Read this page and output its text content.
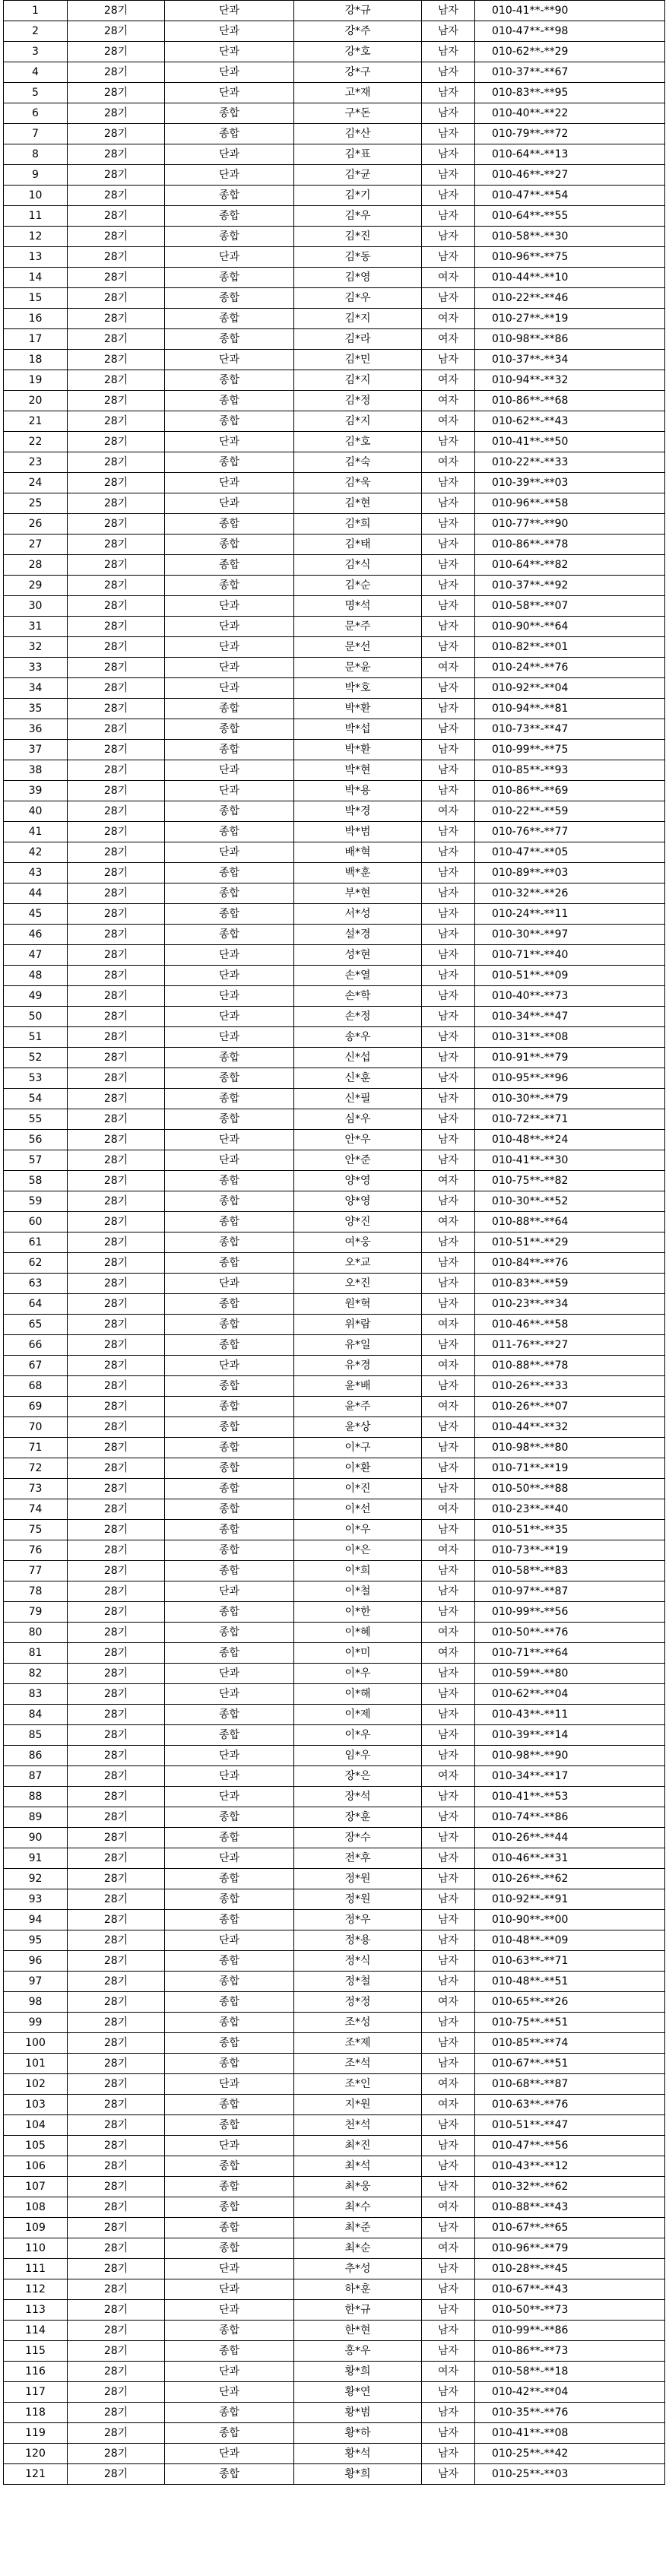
1	28기	단과	강*규	남자	010-41**-**90
2	28기	단과	강*주	남자	010-47**-**98
3	28기	단과	강*호	남자	010-62**-**29
4	28기	단과	강*구	남자	010-37**-**67
5	28기	단과	고*재	남자	010-83**-**95
6	28기	종합	구*돈	남자	010-40**-**22
7	28기	종합	김*산	남자	010-79**-**72
8	28기	단과	김*표	남자	010-64**-**13
9	28기	단과	김*균	남자	010-46**-**27
10	28기	종합	김*기	남자	010-47**-**54
11	28기	종합	김*우	남자	010-64**-**55
12	28기	종합	김*진	남자	010-58**-**30
13	28기	단과	김*동	남자	010-96**-**75
14	28기	종합	김*영	여자	010-44**-**10
15	28기	종합	김*우	남자	010-22**-**46
16	28기	종합	김*지	여자	010-27**-**19
17	28기	종합	김*라	여자	010-98**-**86
18	28기	단과	김*민	남자	010-37**-**34
19	28기	종합	김*지	여자	010-94**-**32
20	28기	종합	김*정	여자	010-86**-**68
21	28기	종합	김*지	여자	010-62**-**43
22	28기	단과	김*호	남자	010-41**-**50
23	28기	종합	김*숙	여자	010-22**-**33
24	28기	단과	김*욱	남자	010-39**-**03
25	28기	단과	김*현	남자	010-96**-**58
26	28기	종합	김*희	남자	010-77**-**90
27	28기	종합	김*태	남자	010-86**-**78
28	28기	종합	김*식	남자	010-64**-**82
29	28기	종합	김*순	남자	010-37**-**92
30	28기	단과	명*석	남자	010-58**-**07
31	28기	단과	문*주	남자	010-90**-**64
32	28기	단과	문*선	남자	010-82**-**01
33	28기	단과	문*윤	여자	010-24**-**76
34	28기	단과	박*호	남자	010-92**-**04
35	28기	종합	박*환	남자	010-94**-**81
36	28기	종합	박*섭	남자	010-73**-**47
37	28기	종합	박*환	남자	010-99**-**75
38	28기	단과	박*현	남자	010-85**-**93
39	28기	단과	박*용	남자	010-86**-**69
40	28기	종합	박*경	여자	010-22**-**59
41	28기	종합	박*범	남자	010-76**-**77
42	28기	단과	배*혁	남자	010-47**-**05
43	28기	종합	백*훈	남자	010-89**-**03
44	28기	종합	부*현	남자	010-32**-**26
45	28기	종합	서*성	남자	010-24**-**11
46	28기	종합	설*경	남자	010-30**-**97
47	28기	단과	성*현	남자	010-71**-**40
48	28기	단과	손*열	남자	010-51**-**09
49	28기	단과	손*학	남자	010-40**-**73
50	28기	단과	손*정	남자	010-34**-**47
51	28기	단과	송*우	남자	010-31**-**08
52	28기	종합	신*섭	남자	010-91**-**79
53	28기	종합	신*훈	남자	010-95**-**96
54	28기	종합	신*필	남자	010-30**-**79
55	28기	종합	심*우	남자	010-72**-**71
56	28기	단과	안*우	남자	010-48**-**24
57	28기	단과	안*준	남자	010-41**-**30
58	28기	종합	양*영	여자	010-75**-**82
59	28기	종합	양*영	남자	010-30**-**52
60	28기	종합	양*진	여자	010-88**-**64
61	28기	종합	여*웅	남자	010-51**-**29
62	28기	종합	오*교	남자	010-84**-**76
63	28기	단과	오*진	남자	010-83**-**59
64	28기	종합	원*혁	남자	010-23**-**34
65	28기	종합	위*람	여자	010-46**-**58
66	28기	종합	유*일	남자	011-76**-**27
67	28기	단과	유*경	여자	010-88**-**78
68	28기	종합	윤*배	남자	010-26**-**33
69	28기	종합	윤*주	여자	010-26**-**07
70	28기	종합	윤*상	남자	010-44**-**32
71	28기	종합	이*구	남자	010-98**-**80
72	28기	종합	이*환	남자	010-71**-**19
73	28기	종합	이*진	남자	010-50**-**88
74	28기	종합	이*선	여자	010-23**-**40
75	28기	종합	이*우	남자	010-51**-**35
76	28기	종합	이*은	여자	010-73**-**19
77	28기	종합	이*희	남자	010-58**-**83
78	28기	단과	이*철	남자	010-97**-**87
79	28기	종합	이*한	남자	010-99**-**56
80	28기	종합	이*혜	여자	010-50**-**76
81	28기	종합	이*미	여자	010-71**-**64
82	28기	단과	이*우	남자	010-59**-**80
83	28기	단과	이*해	남자	010-62**-**04
84	28기	종합	이*제	남자	010-43**-**11
85	28기	종합	이*우	남자	010-39**-**14
86	28기	단과	임*우	남자	010-98**-**90
87	28기	단과	장*은	여자	010-34**-**17
88	28기	단과	장*석	남자	010-41**-**53
89	28기	종합	장*훈	남자	010-74**-**86
90	28기	종합	장*수	남자	010-26**-**44
91	28기	단과	전*후	남자	010-46**-**31
92	28기	종합	정*원	남자	010-26**-**62
93	28기	종합	정*원	남자	010-92**-**91
94	28기	종합	정*우	남자	010-90**-**00
95	28기	단과	정*용	남자	010-48**-**09
96	28기	종합	정*식	남자	010-63**-**71
97	28기	종합	정*철	남자	010-48**-**51
98	28기	종합	정*정	여자	010-65**-**26
99	28기	종합	조*성	남자	010-75**-**51
100	28기	종합	조*제	남자	010-85**-**74
101	28기	종합	조*석	남자	010-67**-**51
102	28기	단과	조*인	여자	010-68**-**87
103	28기	종합	지*원	여자	010-63**-**76
104	28기	종합	천*석	남자	010-51**-**47
105	28기	단과	최*진	남자	010-47**-**56
106	28기	종합	최*석	남자	010-43**-**12
107	28기	종합	최*웅	남자	010-32**-**62
108	28기	종합	최*수	여자	010-88**-**43
109	28기	종합	최*준	남자	010-67**-**65
110	28기	종합	최*순	여자	010-96**-**79
111	28기	단과	추*성	남자	010-28**-**45
112	28기	단과	하*훈	남자	010-67**-**43
113	28기	단과	한*규	남자	010-50**-**73
114	28기	종합	한*현	남자	010-99**-**86
115	28기	종합	홍*우	남자	010-86**-**73
116	28기	단과	황*희	여자	010-58**-**18
117	28기	단과	황*연	남자	010-42**-**04
118	28기	종합	황*범	남자	010-35**-**76
119	28기	종합	황*하	남자	010-41**-**08
120	28기	단과	황*석	남자	010-25**-**42
121	28기	종합	황*희	남자	010-25**-**03
